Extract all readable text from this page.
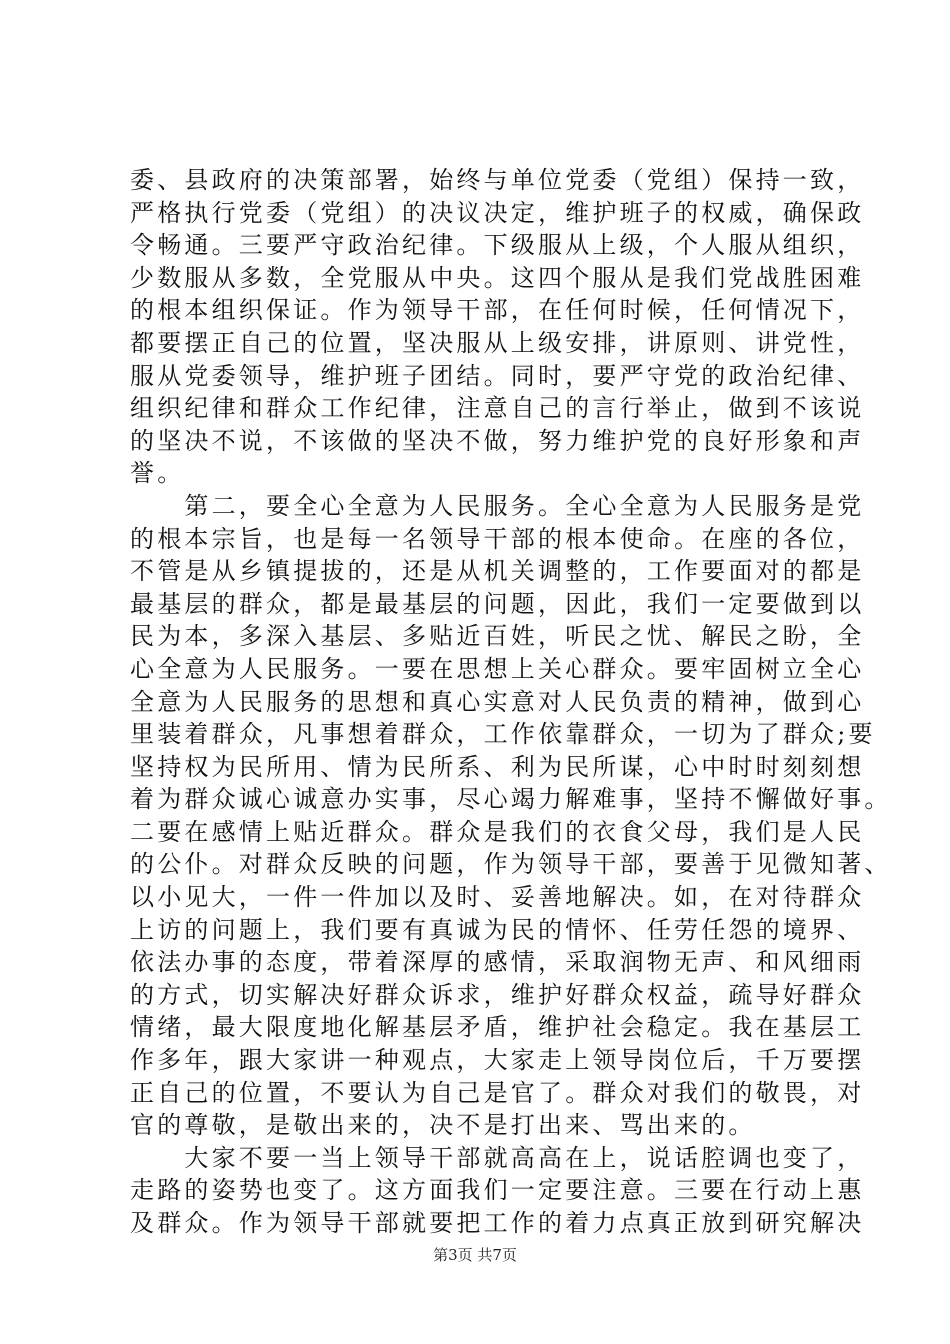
委、县政府的决策部署，始终与单位党委（党组）保持一致，
严格执行党委（党组）的决议决定，维护班子的权威，确保政
令畅通。三要严守政治纪律。下级服从上级，个人服从组织，
少数服从多数，全党服从中央。这四个服从是我们党战胜困难
的根本组织保证。作为领导干部，在任何时候，任何情况下，
都要摆正自己的位置，坚决服从上级安排，讲原则、讲党性，
服从党委领导，维护班子团结。同时，要严守党的政治纪律、
组织纪律和群众工作纪律，注意自己的言行举止，做到不该说
的坚决不说，不该做的坚决不做，努力维护党的良好形象和声
誉。
　　第二，要全心全意为人民服务。全心全意为人民服务是党
的根本宗旨，也是每一名领导干部的根本使命。在座的各位，
不管是从乡镇提拔的，还是从机关调整的，工作要面对的都是
最基层的群众，都是最基层的问题，因此，我们一定要做到以
民为本，多深入基层、多贴近百姓，听民之忧、解民之盼，全
心全意为人民服务。一要在思想上关心群众。要牢固树立全心
全意为人民服务的思想和真心实意对人民负责的精神，做到心
里装着群众，凡事想着群众，工作依靠群众，一切为了群众;要
坚持权为民所用、情为民所系、利为民所谋，心中时时刻刻想
着为群众诚心诚意办实事，尽心竭力解难事，坚持不懈做好事。
二要在感情上贴近群众。群众是我们的衣食父母，我们是人民
的公仆。对群众反映的问题，作为领导干部，要善于见微知著、
以小见大，一件一件加以及时、妥善地解决。如，在对待群众
上访的问题上，我们要有真诚为民的情怀、任劳任怨的境界、
依法办事的态度，带着深厚的感情，采取润物无声、和风细雨
的方式，切实解决好群众诉求，维护好群众权益，疏导好群众
情绪，最大限度地化解基层矛盾，维护社会稳定。我在基层工
作多年，跟大家讲一种观点，大家走上领导岗位后，千万要摆
正自己的位置，不要认为自己是官了。群众对我们的敬畏，对
官的尊敬，是敬出来的，决不是打出来、骂出来的。
　　大家不要一当上领导干部就高高在上，说话腔调也变了，
走路的姿势也变了。这方面我们一定要注意。三要在行动上惠
及群众。作为领导干部就要把工作的着力点真正放到研究解决
第3页 共7页
